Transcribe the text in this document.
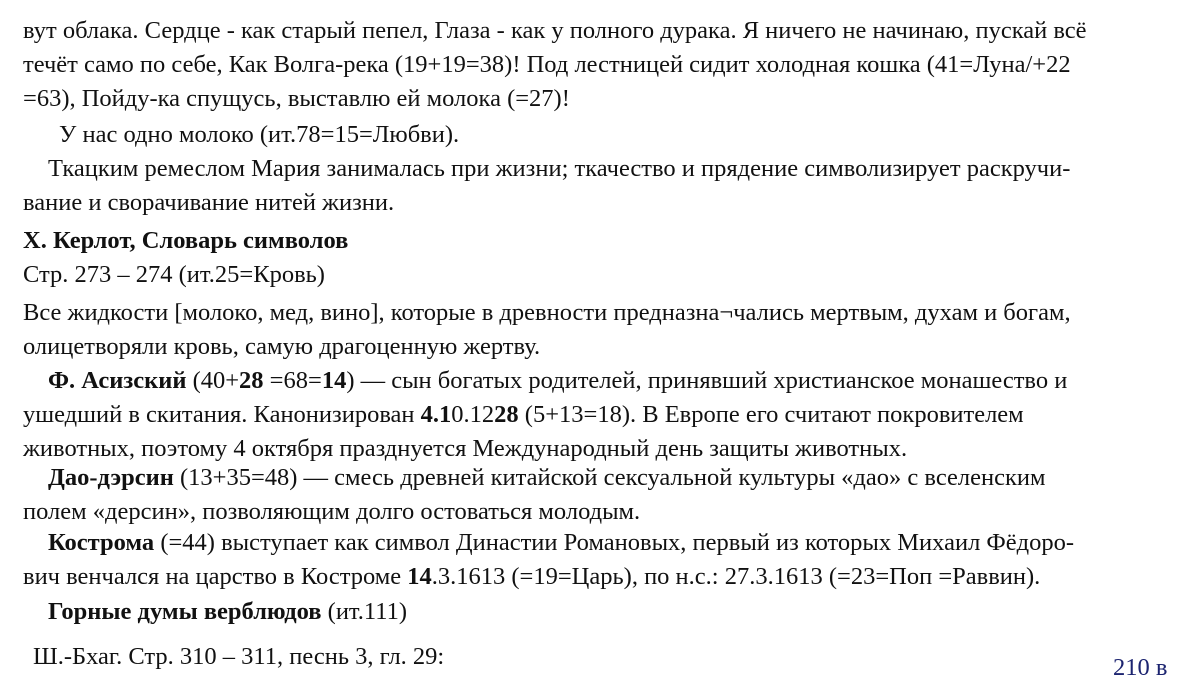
вут облака. Сердце - как старый пепел, Глаза - как у полного дурака. Я ничего не начинаю, пускай всё
течёт само по себе, Как Волга-река (19+19=38)! Под лестницей сидит холодная кошка (41=Луна/+22
=63), Пойду-ка спущусь, выставлю ей молока (=27)!
У нас одно молоко (ит.78=15=Любви).
Ткацким ремеслом Мария занималась при жизни; ткачество и прядение символизирует раскручи-
вание и сворачивание нитей жизни.
Х. Керлот, Словарь символов
Стр. 273 – 274 (ит.25=Кровь)
Все жидкости [молоко, мед, вино], которые в древности предназна¬чались мертвым, духам и богам,
олицетворяли кровь, самую драгоценную жертву.
Ф. Асизский (40+28 =68=14) — сын богатых родителей, принявший христианское монашество и
ушедший в скитания. Канонизирован 4.10.1228 (5+13=18). В Европе его считают покровителем
животных, поэтому 4 октября празднуется Международный день защиты животных.
Дао-дэрсин (13+35=48) — смесь древней китайской сексуальной культуры «дао» с вселенским
полем «дерсин», позволяющим долго остоваться молодым.
Кострома (=44) выступает как символ Династии Романовых, первый из которых Михаил Фёдоро-
вич венчался на царство в Костроме 14.3.1613 (=19=Царь), по н.с.: 27.3.1613 (=23=Поп =Раввин).
Горные думы верблюдов (ит.111)
Ш.-Бхаг. Стр. 310 – 311, песнь 3, гл. 29:	210 в
